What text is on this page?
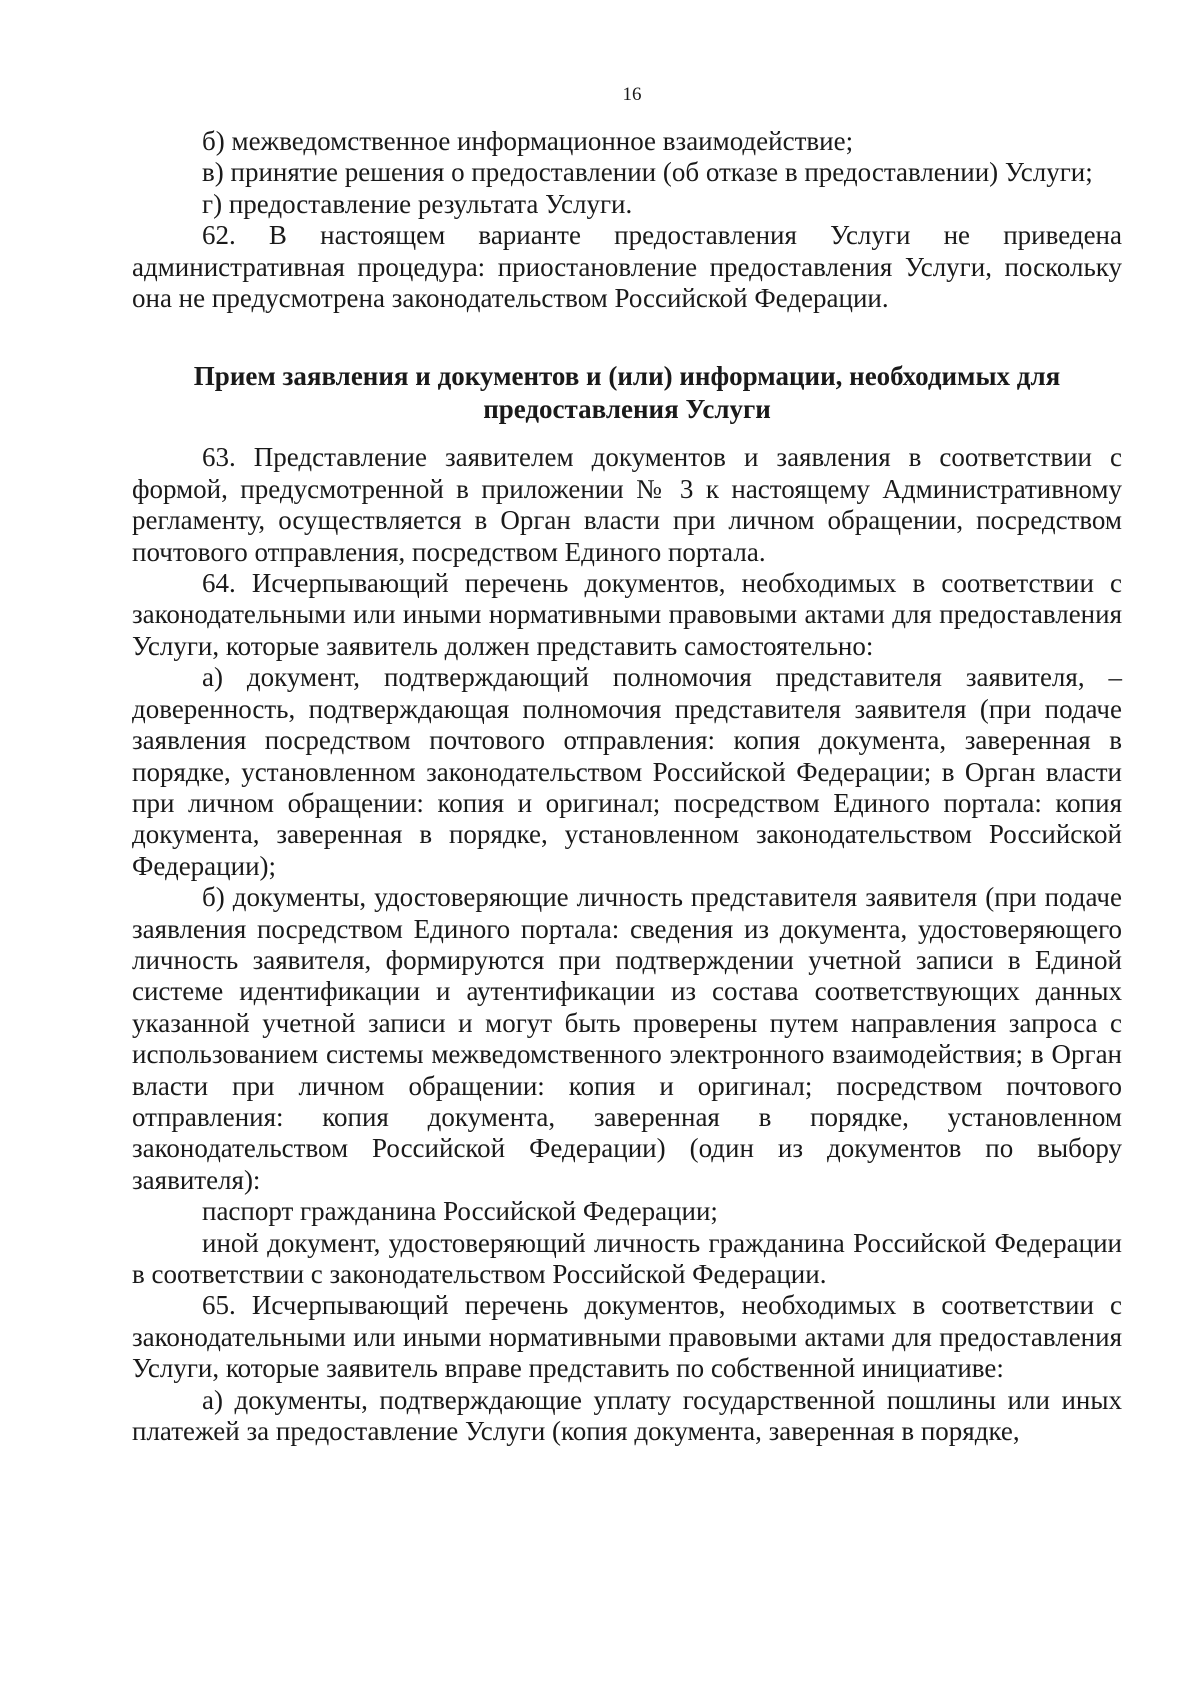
16

б) межведомственное информационное взаимодействие;

в) принятие решения о предоставлении (об отказе в предоставлении) Услуги;

г) предоставление результата Услуги.

62. В настоящем варианте предоставления Услуги не приведена административная процедура: приостановление предоставления Услуги, поскольку она не предусмотрена законодательством Российской Федерации.

Прием заявления и документов и (или) информации, необходимых для
предоставления Услуги

63. Представление заявителем документов и заявления в соответствии с формой, предусмотренной в приложении № 3 к настоящему Административному регламенту, осуществляется в Орган власти при личном обращении, посредством почтового отправления, посредством Единого портала.

64. Исчерпывающий перечень документов, необходимых в соответствии с законодательными или иными нормативными правовыми актами для предоставления Услуги, которые заявитель должен представить самостоятельно:

а) документ, подтверждающий полномочия представителя заявителя, – доверенность, подтверждающая полномочия представителя заявителя (при подаче заявления посредством почтового отправления: копия документа, заверенная в порядке, установленном законодательством Российской Федерации; в Орган власти при личном обращении: копия и оригинал; посредством Единого портала: копия документа, заверенная в порядке, установленном законодательством Российской Федерации);

б) документы, удостоверяющие личность представителя заявителя (при подаче заявления посредством Единого портала: сведения из документа, удостоверяющего личность заявителя, формируются при подтверждении учетной записи в Единой системе идентификации и аутентификации из состава соответствующих данных указанной учетной записи и могут быть проверены путем направления запроса с использованием системы межведомственного электронного взаимодействия; в Орган власти при личном обращении: копия и оригинал; посредством почтового отправления: копия документа, заверенная в порядке, установленном законодательством Российской Федерации) (один из документов по выбору заявителя):

паспорт гражданина Российской Федерации;

иной документ, удостоверяющий личность гражданина Российской Федерации в соответствии с законодательством Российской Федерации.

65. Исчерпывающий перечень документов, необходимых в соответствии с законодательными или иными нормативными правовыми актами для предоставления Услуги, которые заявитель вправе представить по собственной инициативе:

а) документы, подтверждающие уплату государственной пошлины или иных платежей за предоставление Услуги (копия документа, заверенная в порядке,
